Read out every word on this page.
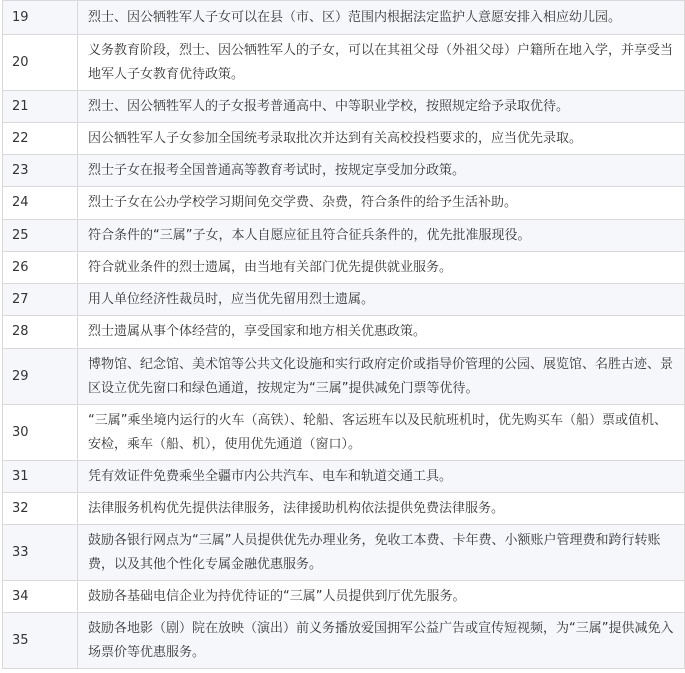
19	烈士、因公牺牲军人子女可以在县（市、区）范围内根据法定监护人意愿安排入相应幼儿园。
20	义务教育阶段，烈士、因公牺牲军人的子女，可以在其祖父母（外祖父母）户籍所在地入学，并享受当地军人子女教育优待政策。
21	烈士、因公牺牲军人的子女报考普通高中、中等职业学校，按照规定给予录取优待。
22	因公牺牲军人子女参加全国统考录取批次并达到有关高校投档要求的，应当优先录取。
23	烈士子女在报考全国普通高等教育考试时，按规定享受加分政策。
24	烈士子女在公办学校学习期间免交学费、杂费，符合条件的给予生活补助。
25	符合条件的“三属”子女，本人自愿应征且符合征兵条件的，优先批准服现役。
26	符合就业条件的烈士遗属，由当地有关部门优先提供就业服务。
27	用人单位经济性裁员时，应当优先留用烈士遗属。
28	烈士遗属从事个体经营的，享受国家和地方相关优惠政策。
29	博物馆、纪念馆、美术馆等公共文化设施和实行政府定价或指导价管理的公园、展览馆、名胜古迹、景区设立优先窗口和绿色通道，按规定为“三属”提供减免门票等优待。
30	“三属”乘坐境内运行的火车（高铁）、轮船、客运班车以及民航班机时，优先购买车（船）票或值机、安检，乘车（船、机），使用优先通道（窗口）。
31	凭有效证件免费乘坐全疆市内公共汽车、电车和轨道交通工具。
32	法律服务机构优先提供法律服务，法律援助机构依法提供免费法律服务。
33	鼓励各银行网点为“三属”人员提供优先办理业务，免收工本费、卡年费、小额账户管理费和跨行转账费，以及其他个性化专属金融优惠服务。
34	鼓励各基础电信企业为持优待证的“三属”人员提供到厅优先服务。
35	鼓励各地影（剧）院在放映（演出）前义务播放爱国拥军公益广告或宣传短视频，为“三属”提供减免入场票价等优惠服务。
